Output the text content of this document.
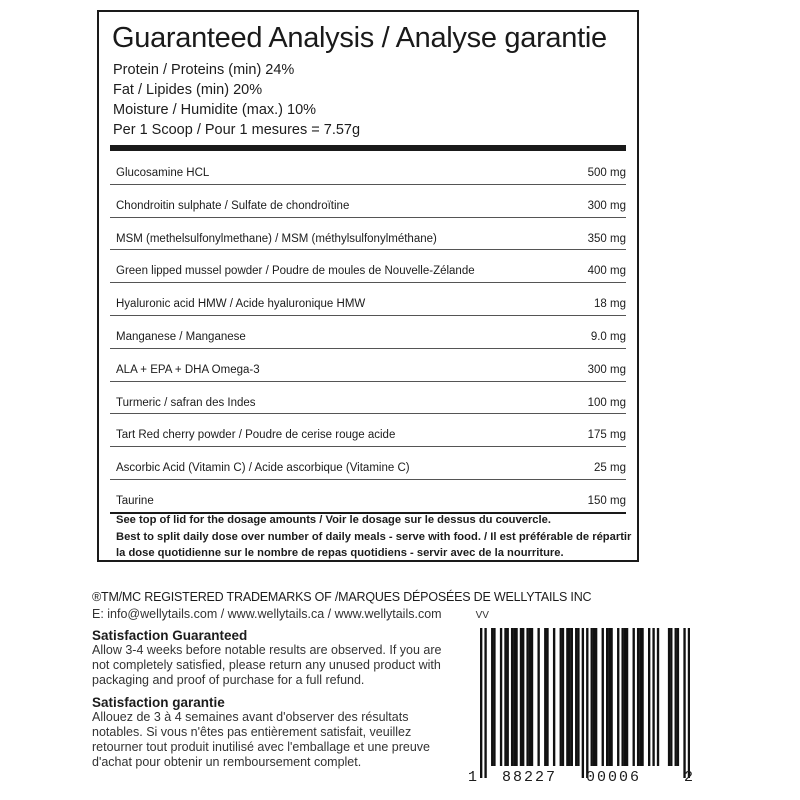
Guaranteed Analysis / Analyse garantie
Protein / Proteins (min) 24%
Fat / Lipides (min) 20%
Moisture / Humidite (max.) 10%
Per 1 Scoop / Pour 1 mesures = 7.57g
Glucosamine HCL	500 mg
Chondroitin sulphate / Sulfate de chondroïtine	300 mg
MSM (methelsulfonylmethane) / MSM (méthylsulfonylméthane)	350 mg
Green lipped mussel powder / Poudre de moules de Nouvelle-Zélande	400 mg
Hyaluronic acid HMW / Acide hyaluronique HMW	18 mg
Manganese / Manganese	9.0 mg
ALA + EPA + DHA Omega-3	300 mg
Turmeric / safran des Indes	100 mg
Tart Red cherry powder / Poudre de cerise rouge acide	175 mg
Ascorbic Acid (Vitamin C) / Acide ascorbique (Vitamine C)	25 mg
Taurine	150 mg
See top of lid for the dosage amounts / Voir le dosage sur le dessus du couvercle.
Best to split daily dose over number of daily meals - serve with food. / Il est préférable de répartir
la dose quotidienne sur le nombre de repas quotidiens - servir avec de la nourriture.
®TM/MC REGISTERED TRADEMARKS OF /MARQUES DÉPOSÉES DE WELLYTAILS INC
E: info@wellytails.com / www.wellytails.ca / www.wellytails.com	VV
Satisfaction Guaranteed
Allow 3-4 weeks before notable results are observed. If you are
not completely satisfied, please return any unused product with
packaging and proof of purchase for a full refund.
Satisfaction garantie
Allouez de 3 à 4 semaines avant d'observer des résultats
notables. Si vous n'êtes pas entièrement satisfait, veuillez
retourner tout produit inutilisé avec l'emballage et une preuve
d'achat pour obtenir un remboursement complet.
1 88227 00006	2
